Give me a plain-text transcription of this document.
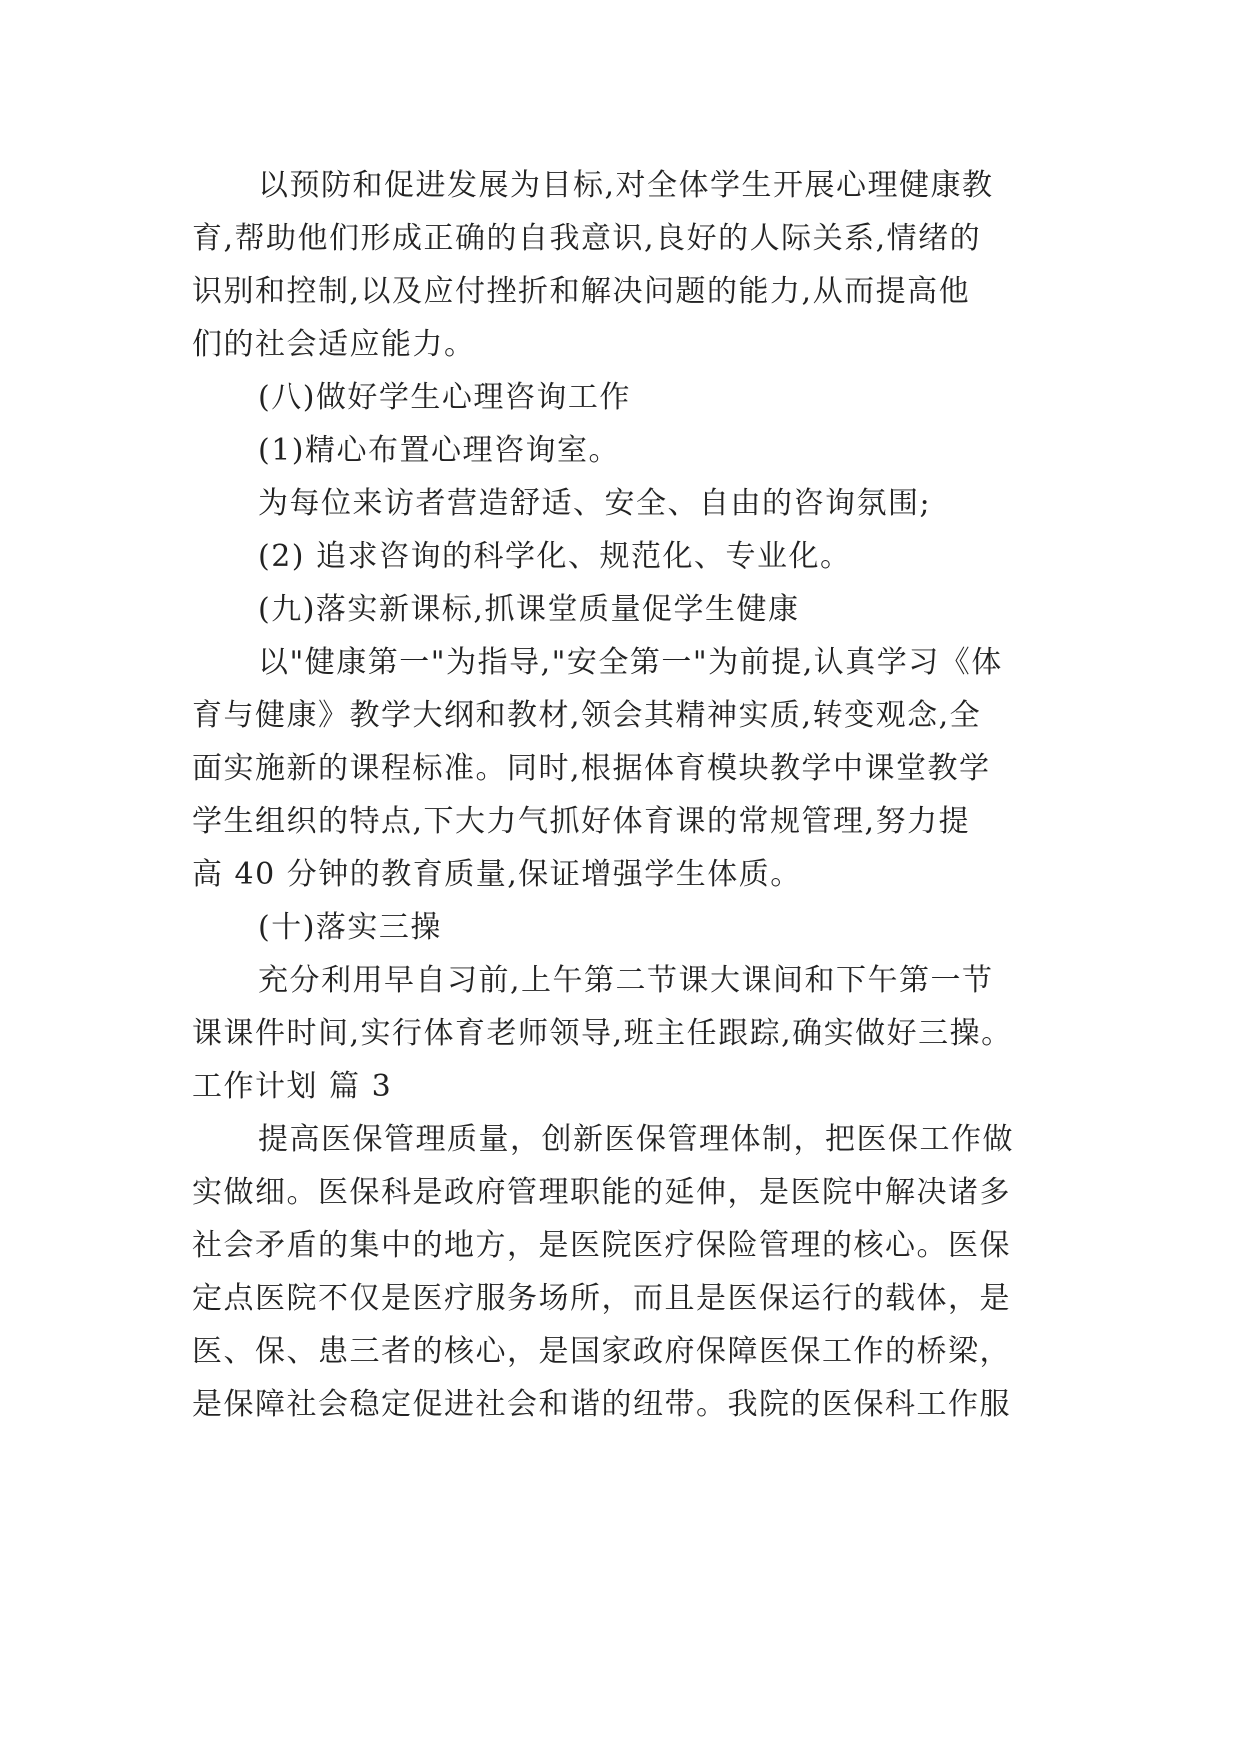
以预防和促进发展为目标,对全体学生开展心理健康教
育,帮助他们形成正确的自我意识,良好的人际关系,情绪的
识别和控制,以及应付挫折和解决问题的能力,从而提高他
们的社会适应能力。
(八)做好学生心理咨询工作
(1)精心布置心理咨询室。
为每位来访者营造舒适、安全、自由的咨询氛围;
(2) 追求咨询的科学化、规范化、专业化。
(九)落实新课标,抓课堂质量促学生健康
以"健康第一"为指导,"安全第一"为前提,认真学习《体
育与健康》教学大纲和教材,领会其精神实质,转变观念,全
面实施新的课程标准。同时,根据体育模块教学中课堂教学
学生组织的特点,下大力气抓好体育课的常规管理,努力提
高 40 分钟的教育质量,保证增强学生体质。
(十)落实三操
充分利用早自习前,上午第二节课大课间和下午第一节
课课件时间,实行体育老师领导,班主任跟踪,确实做好三操。
工作计划 篇 3
提高医保管理质量，创新医保管理体制，把医保工作做
实做细。医保科是政府管理职能的延伸，是医院中解决诸多
社会矛盾的集中的地方，是医院医疗保险管理的核心。医保
定点医院不仅是医疗服务场所，而且是医保运行的载体，是
医、保、患三者的核心，是国家政府保障医保工作的桥梁，
是保障社会稳定促进社会和谐的纽带。我院的医保科工作服
